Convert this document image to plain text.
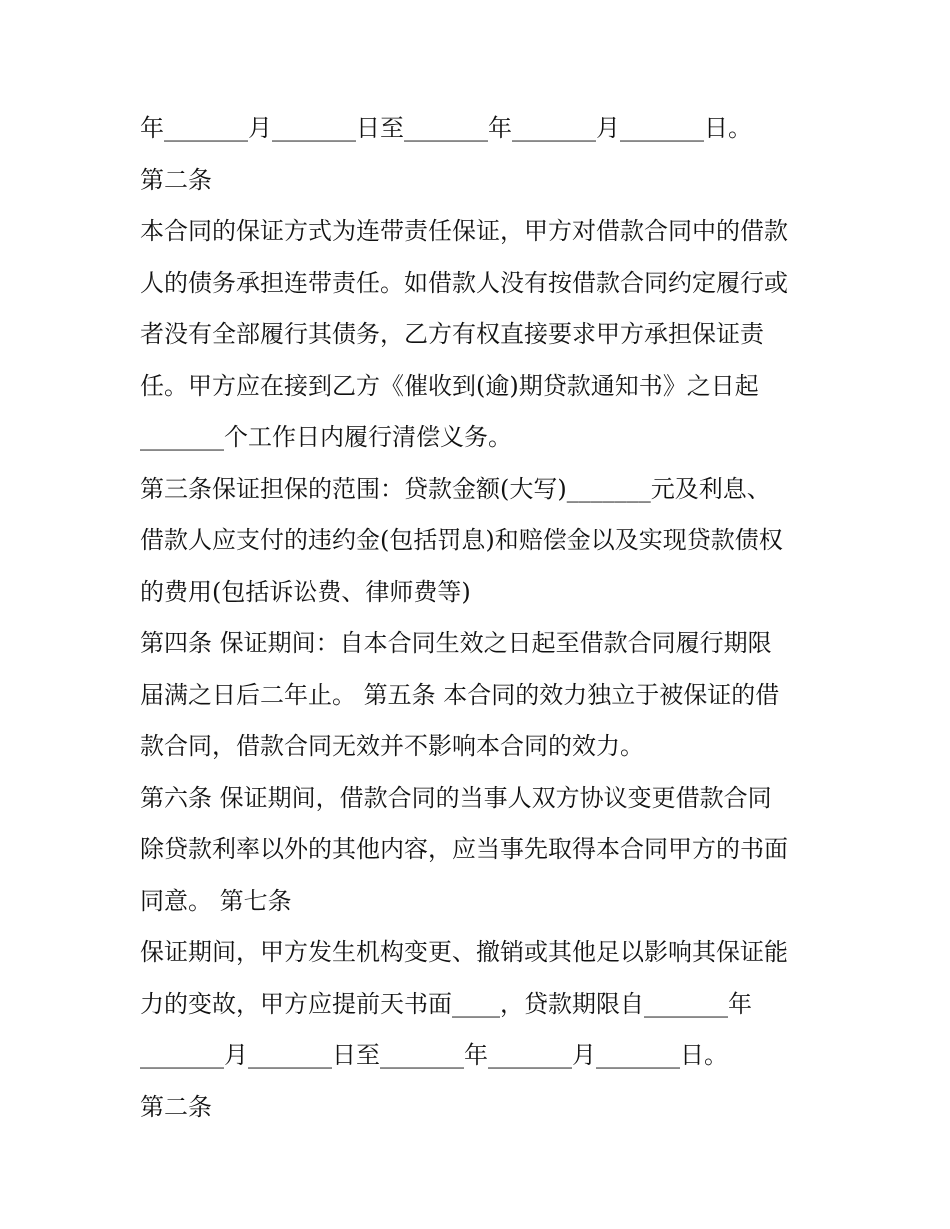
年_______月_______日至_______年_______月_______日。
第二条
本合同的保证方式为连带责任保证，甲方对借款合同中的借款
人的债务承担连带责任。如借款人没有按借款合同约定履行或
者没有全部履行其债务，乙方有权直接要求甲方承担保证责
任。甲方应在接到乙方《催收到(逾)期贷款通知书》之日起
_______个工作日内履行清偿义务。
第三条保证担保的范围：贷款金额(大写)_______元及利息、
借款人应支付的违约金(包括罚息)和赔偿金以及实现贷款债权
的费用(包括诉讼费、律师费等)
第四条 保证期间：自本合同生效之日起至借款合同履行期限
届满之日后二年止。 第五条 本合同的效力独立于被保证的借
款合同，借款合同无效并不影响本合同的效力。
第六条 保证期间，借款合同的当事人双方协议变更借款合同
除贷款利率以外的其他内容，应当事先取得本合同甲方的书面
同意。 第七条
保证期间，甲方发生机构变更、撤销或其他足以影响其保证能
力的变故，甲方应提前天书面____，贷款期限自_______年
_______月_______日至_______年_______月_______日。
第二条
